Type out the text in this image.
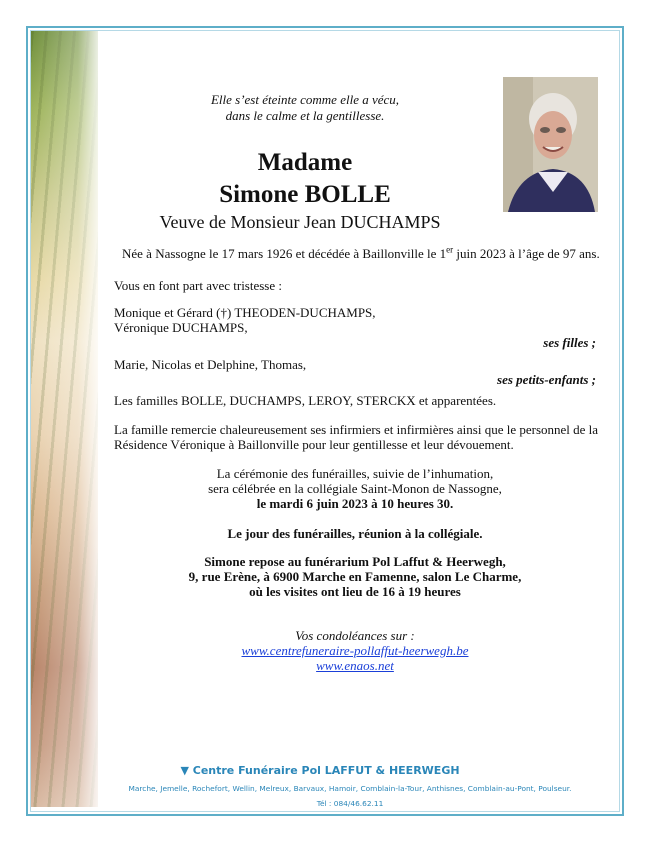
Elle s’est éteinte comme elle a vécu,
dans le calme et la gentillesse.
Madame
Simone BOLLE
Veuve de Monsieur Jean DUCHAMPS
Née à Nassogne le 17 mars 1926 et décédée à Baillonville le 1er juin 2023 à l’âge de 97 ans.
Vous en font part avec tristesse :
Monique et Gérard (†) THEODEN-DUCHAMPS,
Véronique DUCHAMPS,
ses filles ;
Marie, Nicolas et Delphine, Thomas,
ses petits-enfants ;
Les familles BOLLE, DUCHAMPS, LEROY, STERCKX et apparentées.
La famille remercie chaleureusement ses infirmiers et infirmières ainsi que le personnel de la
Résidence Véronique à Baillonville pour leur gentillesse et leur dévouement.
La cérémonie des funérailles, suivie de l’inhumation,
sera célébrée en la collégiale Saint-Monon de Nassogne,
le mardi 6 juin 2023 à 10 heures 30.
Le jour des funérailles, réunion à la collégiale.
Simone repose au funérarium Pol Laffut & Heerwegh,
9, rue Erène, à 6900 Marche en Famenne, salon Le Charme,
où les visites ont lieu de 16 à 19 heures
Vos condoléances sur :
www.centrefuneraire-pollaffut-heerwegh.be
www.enaos.net
▼ Centre Funéraire Pol LAFFUT & HEERWEGH
Marche, Jemelle, Rochefort, Wellin, Melreux, Barvaux, Hamoir, Comblain-la-Tour, Anthisnes, Comblain-au-Pont, Poulseur.
Tél : 084/46.62.11
